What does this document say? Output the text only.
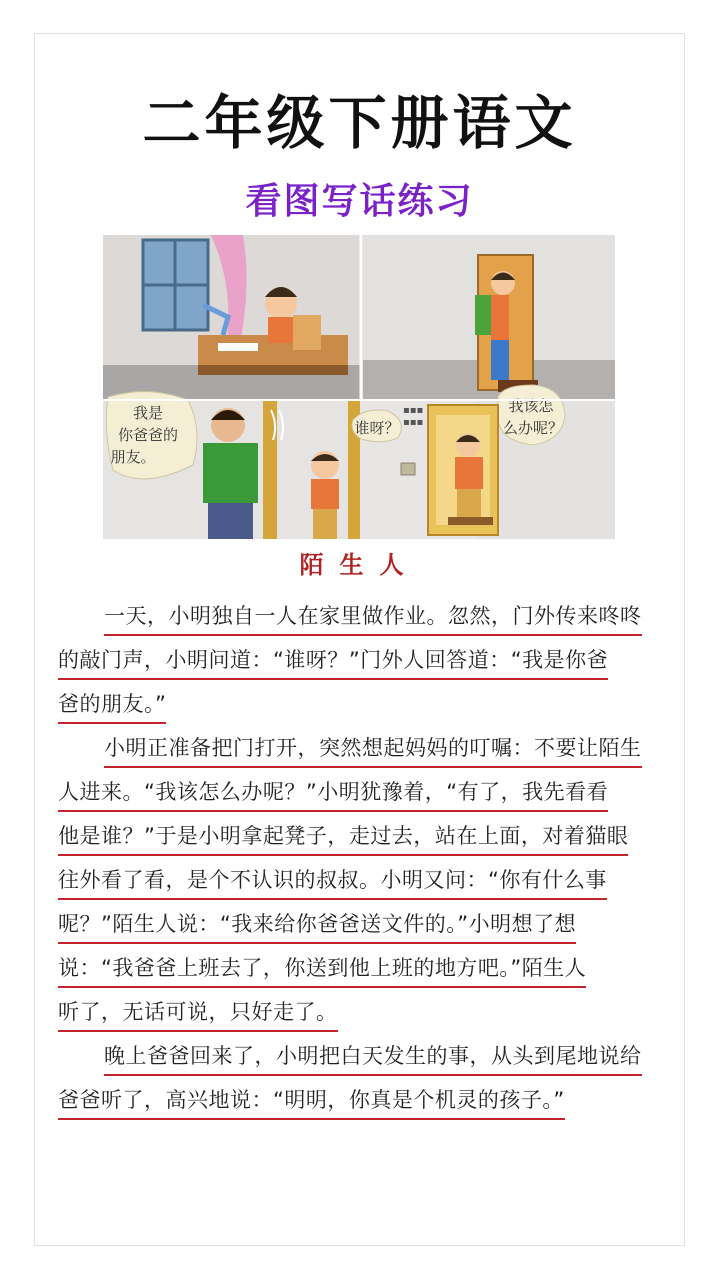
二年级下册语文
看图写话练习
我是
你爸爸的
朋友。
谁呀？
▪▪▪
▪▪▪
我该怎
么办呢？
陌生人
一天，小明独自一人在家里做作业。忽然，门外传来咚咚
的敲门声，小明问道：“谁呀？”门外人回答道：“我是你爸
爸的朋友。”
小明正准备把门打开，突然想起妈妈的叮嘱：不要让陌生
人进来。“我该怎么办呢？”小明犹豫着，“有了，我先看看
他是谁？”于是小明拿起凳子，走过去，站在上面，对着猫眼
往外看了看，是个不认识的叔叔。小明又问：“你有什么事
呢？”陌生人说：“我来给你爸爸送文件的。”小明想了想
说：“我爸爸上班去了，你送到他上班的地方吧。”陌生人
听了，无话可说，只好走了。
晚上爸爸回来了，小明把白天发生的事，从头到尾地说给
爸爸听了，高兴地说：“明明，你真是个机灵的孩子。”
